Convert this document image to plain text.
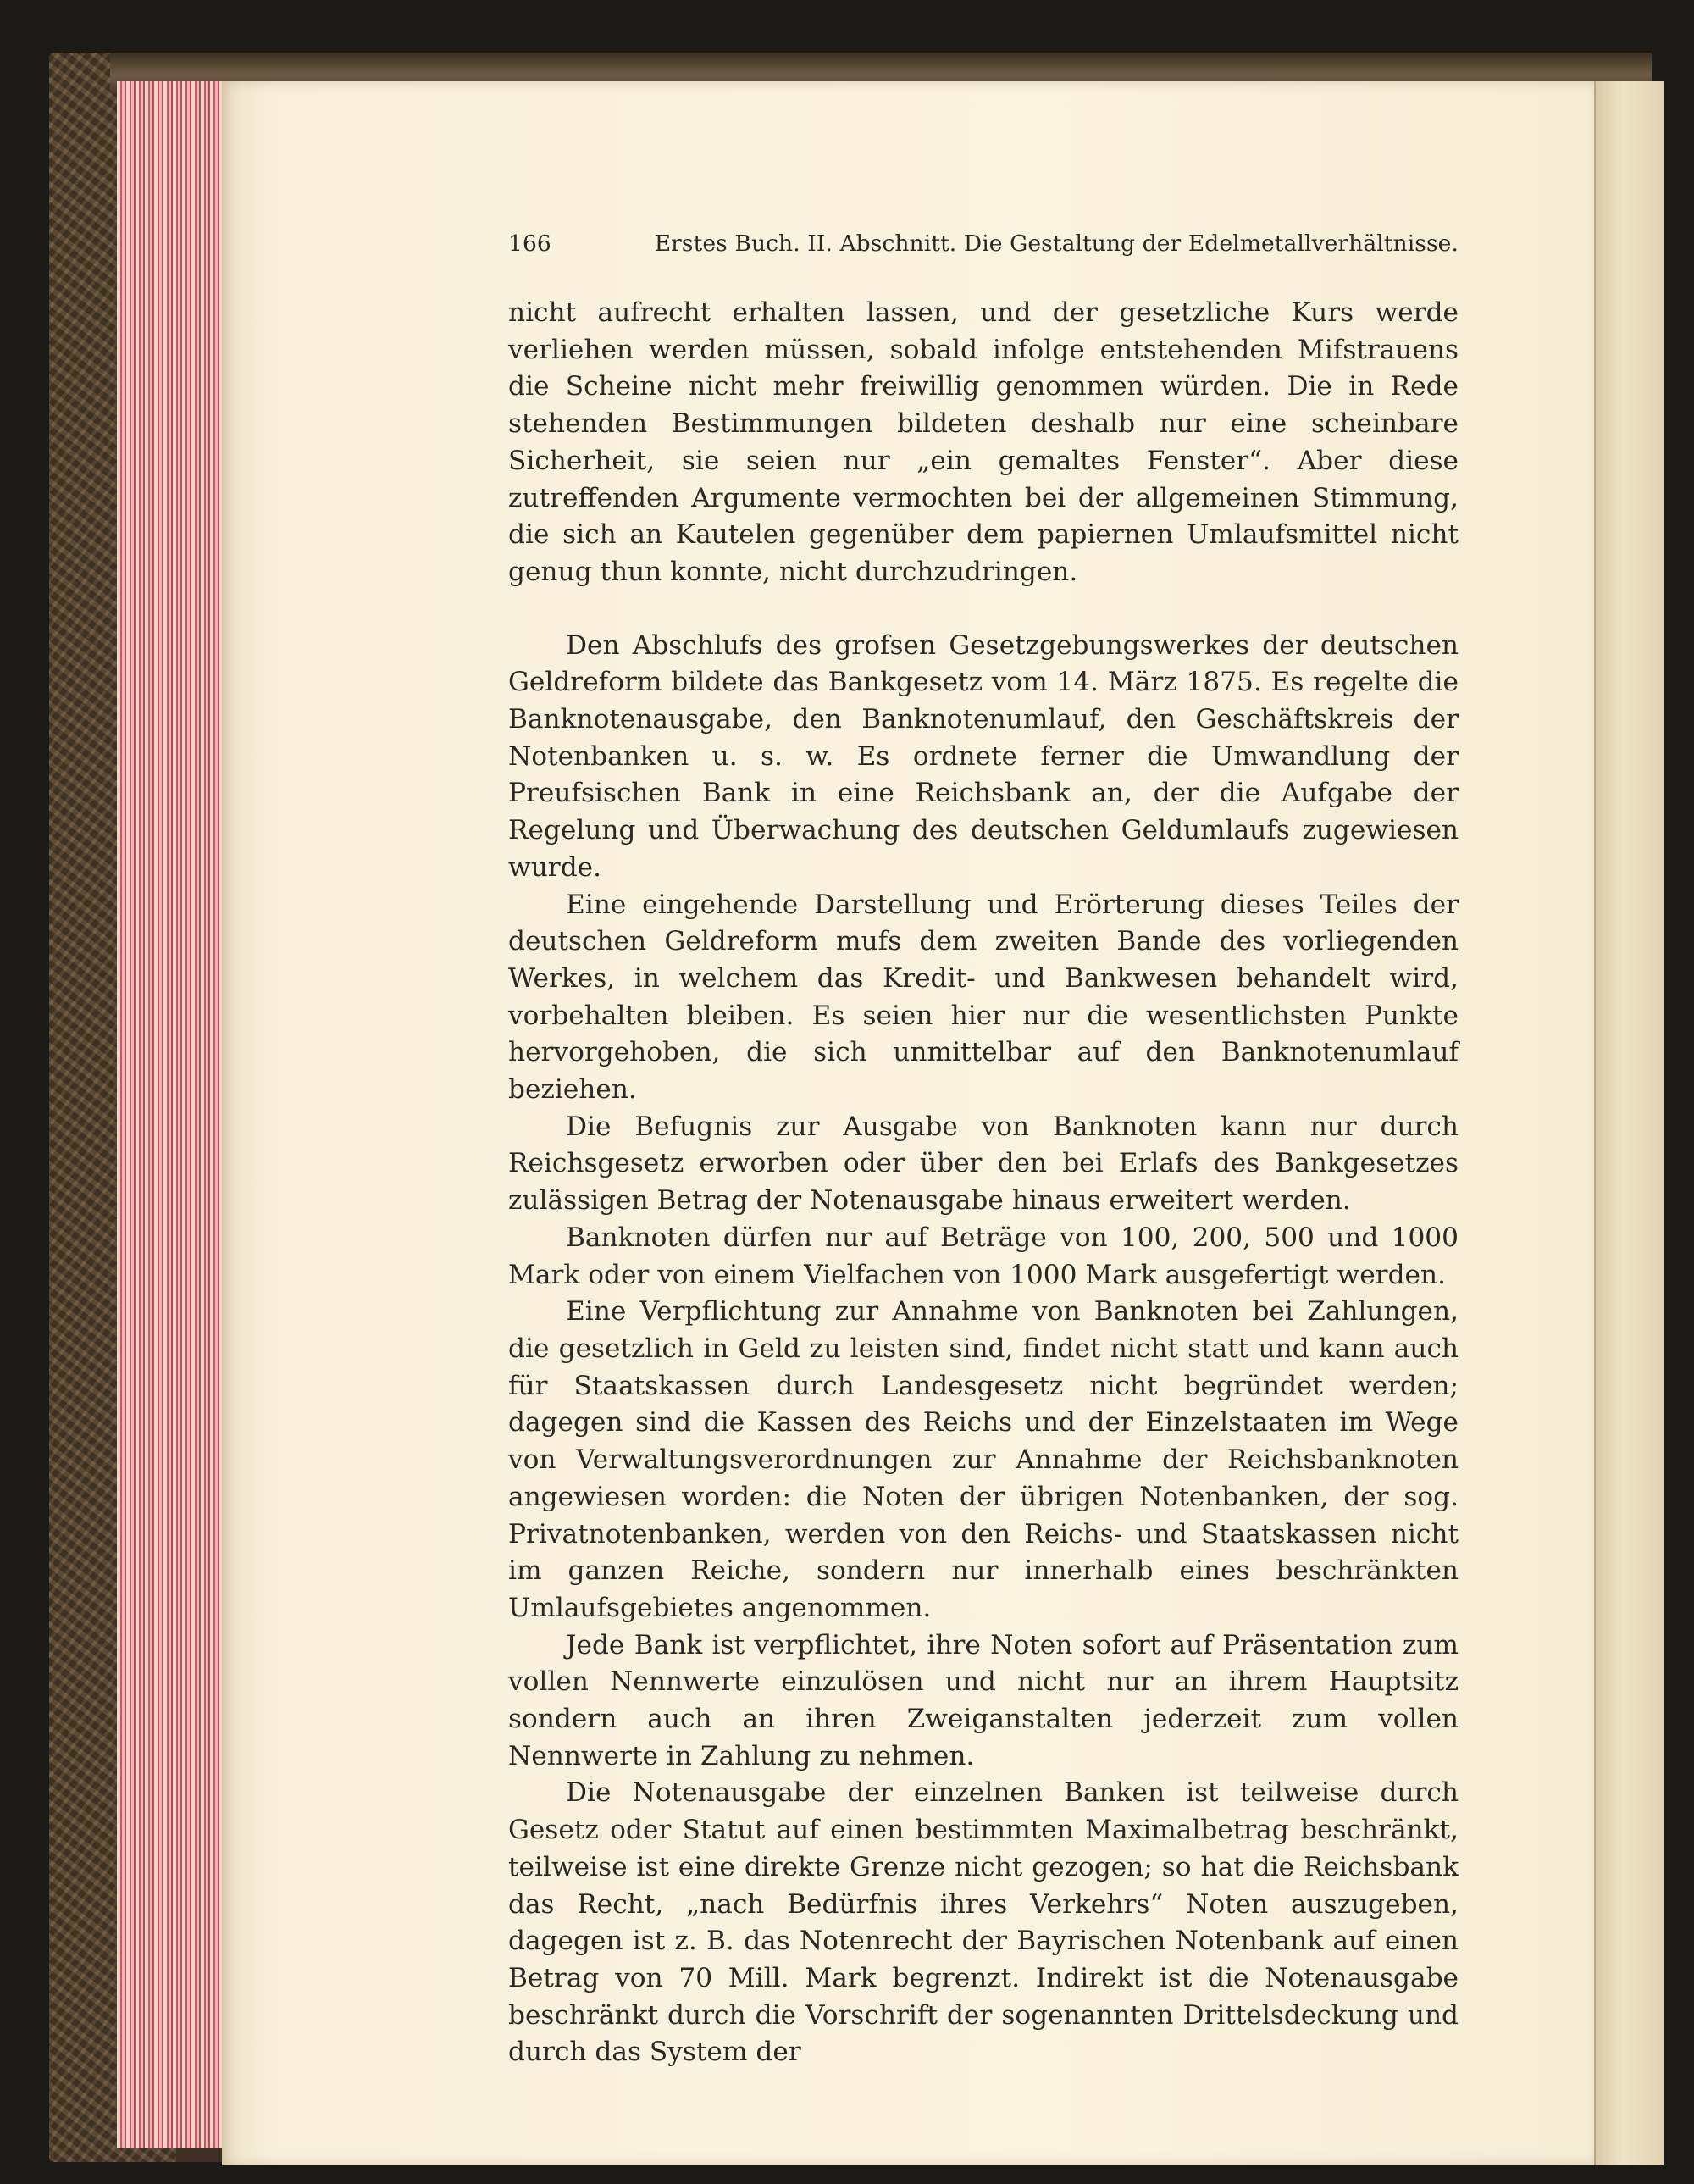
166	Erstes Buch. II. Abschnitt. Die Gestaltung der Edelmetallverhältnisse.

nicht aufrecht erhalten lassen, und der gesetzliche Kurs werde verliehen werden müssen, sobald infolge entstehenden Mifstrauens die Scheine nicht mehr freiwillig genommen würden. Die in Rede stehenden Bestimmungen bildeten deshalb nur eine scheinbare Sicherheit, sie seien nur „ein gemaltes Fenster“. Aber diese zutreffenden Argumente vermochten bei der allgemeinen Stimmung, die sich an Kautelen gegenüber dem papiernen Umlaufsmittel nicht genug thun konnte, nicht durchzudringen.

Den Abschlufs des grofsen Gesetzgebungswerkes der deutschen Geldreform bildete das Bankgesetz vom 14. März 1875. Es regelte die Banknotenausgabe, den Banknotenumlauf, den Geschäftskreis der Notenbanken u. s. w. Es ordnete ferner die Umwandlung der Preufsischen Bank in eine Reichsbank an, der die Aufgabe der Regelung und Überwachung des deutschen Geldumlaufs zugewiesen wurde.

Eine eingehende Darstellung und Erörterung dieses Teiles der deutschen Geldreform mufs dem zweiten Bande des vorliegenden Werkes, in welchem das Kredit- und Bankwesen behandelt wird, vorbehalten bleiben. Es seien hier nur die wesentlichsten Punkte hervorgehoben, die sich unmittelbar auf den Banknotenumlauf beziehen.

Die Befugnis zur Ausgabe von Banknoten kann nur durch Reichsgesetz erworben oder über den bei Erlafs des Bankgesetzes zulässigen Betrag der Notenausgabe hinaus erweitert werden.

Banknoten dürfen nur auf Beträge von 100, 200, 500 und 1000 Mark oder von einem Vielfachen von 1000 Mark ausgefertigt werden.

Eine Verpflichtung zur Annahme von Banknoten bei Zahlungen, die gesetzlich in Geld zu leisten sind, findet nicht statt und kann auch für Staatskassen durch Landesgesetz nicht begründet werden; dagegen sind die Kassen des Reichs und der Einzelstaaten im Wege von Verwaltungsverordnungen zur Annahme der Reichsbanknoten angewiesen worden: die Noten der übrigen Notenbanken, der sog. Privatnotenbanken, werden von den Reichs- und Staatskassen nicht im ganzen Reiche, sondern nur innerhalb eines beschränkten Umlaufsgebietes angenommen.

Jede Bank ist verpflichtet, ihre Noten sofort auf Präsentation zum vollen Nennwerte einzulösen und nicht nur an ihrem Hauptsitz sondern auch an ihren Zweiganstalten jederzeit zum vollen Nennwerte in Zahlung zu nehmen.

Die Notenausgabe der einzelnen Banken ist teilweise durch Gesetz oder Statut auf einen bestimmten Maximalbetrag beschränkt, teilweise ist eine direkte Grenze nicht gezogen; so hat die Reichsbank das Recht, „nach Bedürfnis ihres Verkehrs“ Noten auszugeben, dagegen ist z. B. das Notenrecht der Bayrischen Notenbank auf einen Betrag von 70 Mill. Mark begrenzt. Indirekt ist die Notenausgabe beschränkt durch die Vorschrift der sogenannten Drittelsdeckung und durch das System der
